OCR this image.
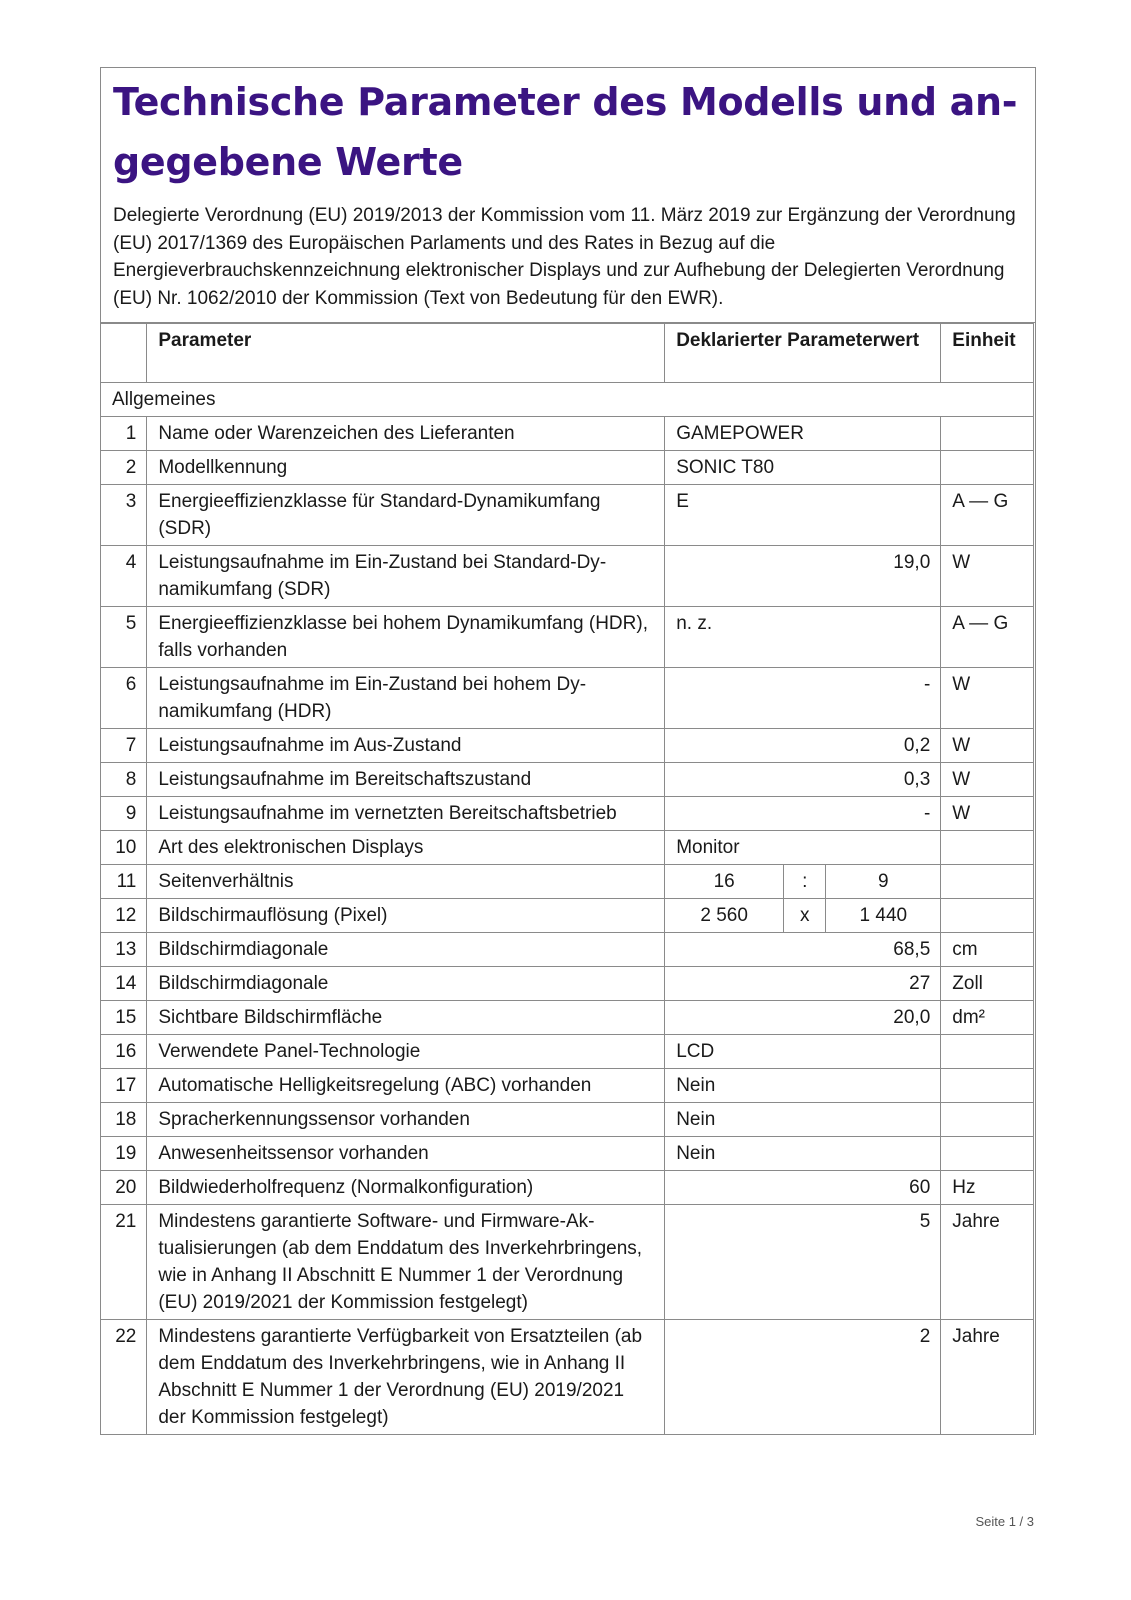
Technische Parameter des Modells und angegebene Werte

Delegierte Verordnung (EU) 2019/2013 der Kommission vom 11. März 2019 zur Ergänzung der Verordnung (EU) 2017/1369 des Europäischen Parlaments und des Rates in Bezug auf die Energieverbrauchskennzeichnung elektronischer Displays und zur Aufhebung der Delegierten Verordnung (EU) Nr. 1062/2010 der Kommission (Text von Bedeutung für den EWR).

	Parameter	Deklarierter Parameterwert			Einheit
Allgemeines					
1	Name oder Warenzeichen des Lieferanten	GAMEPOWER			
2	Modellkennung	SONIC T80			
3	Energieeffizienzklasse für Standard-Dynamikumfang (SDR)	E			A — G
4	Leistungsaufnahme im Ein-Zustand bei Standard-Dynamikumfang (SDR)	19,0			W
5	Energieeffizienzklasse bei hohem Dynamikumfang (HDR), falls vorhanden	n. z.			A — G
6	Leistungsaufnahme im Ein-Zustand bei hohem Dynamikumfang (HDR)	-			W
7	Leistungsaufnahme im Aus-Zustand	0,2			W
8	Leistungsaufnahme im Bereitschaftszustand	0,3			W
9	Leistungsaufnahme im vernetzten Bereitschaftsbetrieb	-			W
10	Art des elektronischen Displays	Monitor			
11	Seitenverhältnis	16	:	9	
12	Bildschirmauflösung (Pixel)	2 560	x	1 440	
13	Bildschirmdiagonale	68,5			cm
14	Bildschirmdiagonale	27			Zoll
15	Sichtbare Bildschirmfläche	20,0			dm²
16	Verwendete Panel-Technologie	LCD			
17	Automatische Helligkeitsregelung (ABC) vorhanden	Nein			
18	Spracherkennungssensor vorhanden	Nein			
19	Anwesenheitssensor vorhanden	Nein			
20	Bildwiederholfrequenz (Normalkonfiguration)	60			Hz
21	Mindestens garantierte Software- und Firmware-Aktualisierungen (ab dem Enddatum des Inverkehrbringens, wie in Anhang II Abschnitt E Nummer 1 der Verordnung (EU) 2019/2021 der Kommission festgelegt)	5			Jahre
22	Mindestens garantierte Verfügbarkeit von Ersatzteilen (ab dem Enddatum des Inverkehrbringens, wie in Anhang II Abschnitt E Nummer 1 der Verordnung (EU) 2019/2021 der Kommission festgelegt)	2			Jahre
Seite 1 / 3
